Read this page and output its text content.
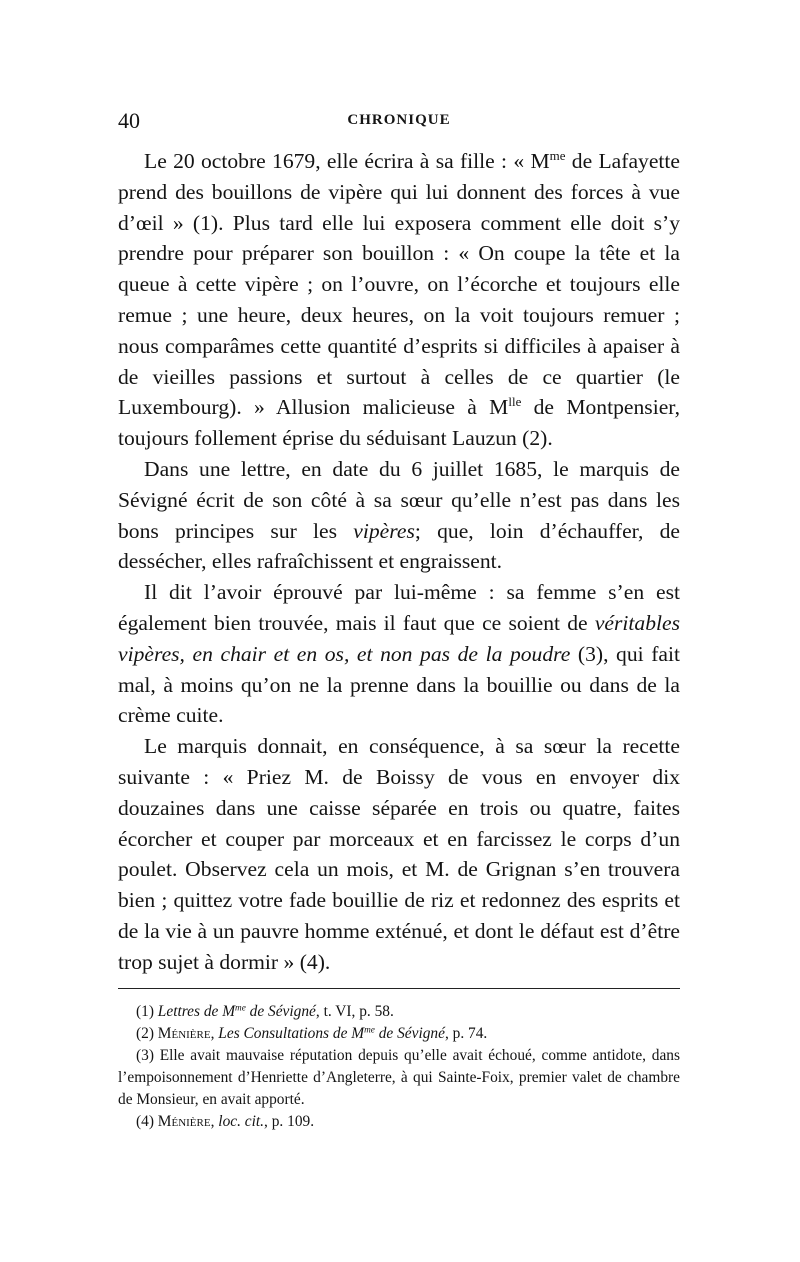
40	CHRONIQUE

Le 20 octobre 1679, elle écrira à sa fille : « $M^{me}$ de Lafayette prend des bouillons de vipère qui lui donnent des forces à vue d’œil » (1). Plus tard elle lui exposera comment elle doit s’y prendre pour préparer son bouillon : « On coupe la tête et la queue à cette vipère ; on l’ouvre, on l’écorche et toujours elle remue ; une heure, deux heures, on la voit toujours remuer ; nous comparâmes cette quantité d’esprits si difficiles à apaiser à de vieilles passions et surtout à celles de ce quartier (le Luxembourg). » Allusion malicieuse à $M^{lle}$ de Montpensier, toujours follement éprise du séduisant Lauzun (2).

Dans une lettre, en date du 6 juillet 1685, le marquis de Sévigné écrit de son côté à sa sœur qu’elle n’est pas dans les bons principes sur les vipères; que, loin d’échauffer, de dessécher, elles rafraîchissent et engraissent.

Il dit l’avoir éprouvé par lui-même : sa femme s’en est également bien trouvée, mais il faut que ce soient de véritables vipères, en chair et en os, et non pas de la poudre (3), qui fait mal, à moins qu’on ne la prenne dans la bouillie ou dans de la crème cuite.

Le marquis donnait, en conséquence, à sa sœur la recette suivante : « Priez M. de Boissy de vous en envoyer dix douzaines dans une caisse séparée en trois ou quatre, faites écorcher et couper par morceaux et en farcissez le corps d’un poulet. Observez cela un mois, et M. de Grignan s’en trouvera bien ; quittez votre fade bouillie de riz et redonnez des esprits et de la vie à un pauvre homme exténué, et dont le défaut est d’être trop sujet à dormir » (4).

(1) Lettres de $M^{me}$ de Sévigné, t. VI, p. 58.

(2) Ménière, Les Consultations de $M^{me}$ de Sévigné, p. 74.

(3) Elle avait mauvaise réputation depuis qu’elle avait échoué, comme antidote, dans l’empoisonnement d’Henriette d’Angleterre, à qui Sainte-Foix, premier valet de chambre de Monsieur, en avait apporté.

(4) Ménière, loc. cit., p. 109.
